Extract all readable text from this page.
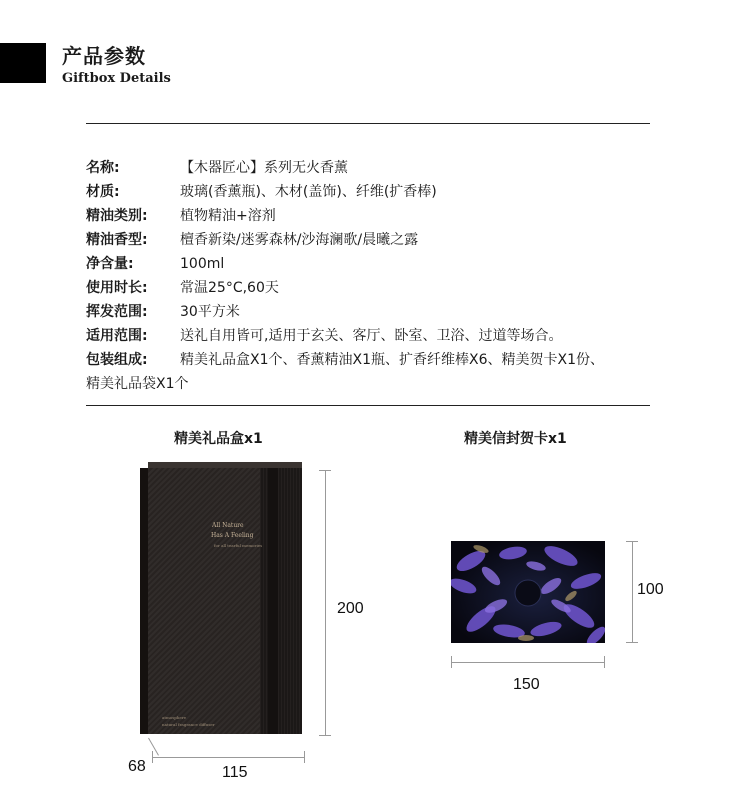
产品参数
Giftbox Details
名称:	【木器匠心】系列无火香薰
材质:	玻璃(香薰瓶)、木材(盖饰)、纤维(扩香棒)
精油类别:	植物精油+溶剂
精油香型:	檀香新染/迷雾森林/沙海澜歌/晨曦之露
净含量:	100ml
使用时长:	常温25°C,60天
挥发范围:	30平方米
适用范围:	送礼自用皆可,适用于玄关、客厅、卧室、卫浴、过道等场合。
包装组成:	精美礼品盒X1个、香薰精油X1瓶、扩香纤维棒X6、精美贺卡X1份、
精美礼品袋X1个
精美礼品盒x1	精美信封贺卡x1
All Nature
Has A Feeling
for all tearful memories
atmosphere
natural fragrance diffuser
200
115
68
100
150
